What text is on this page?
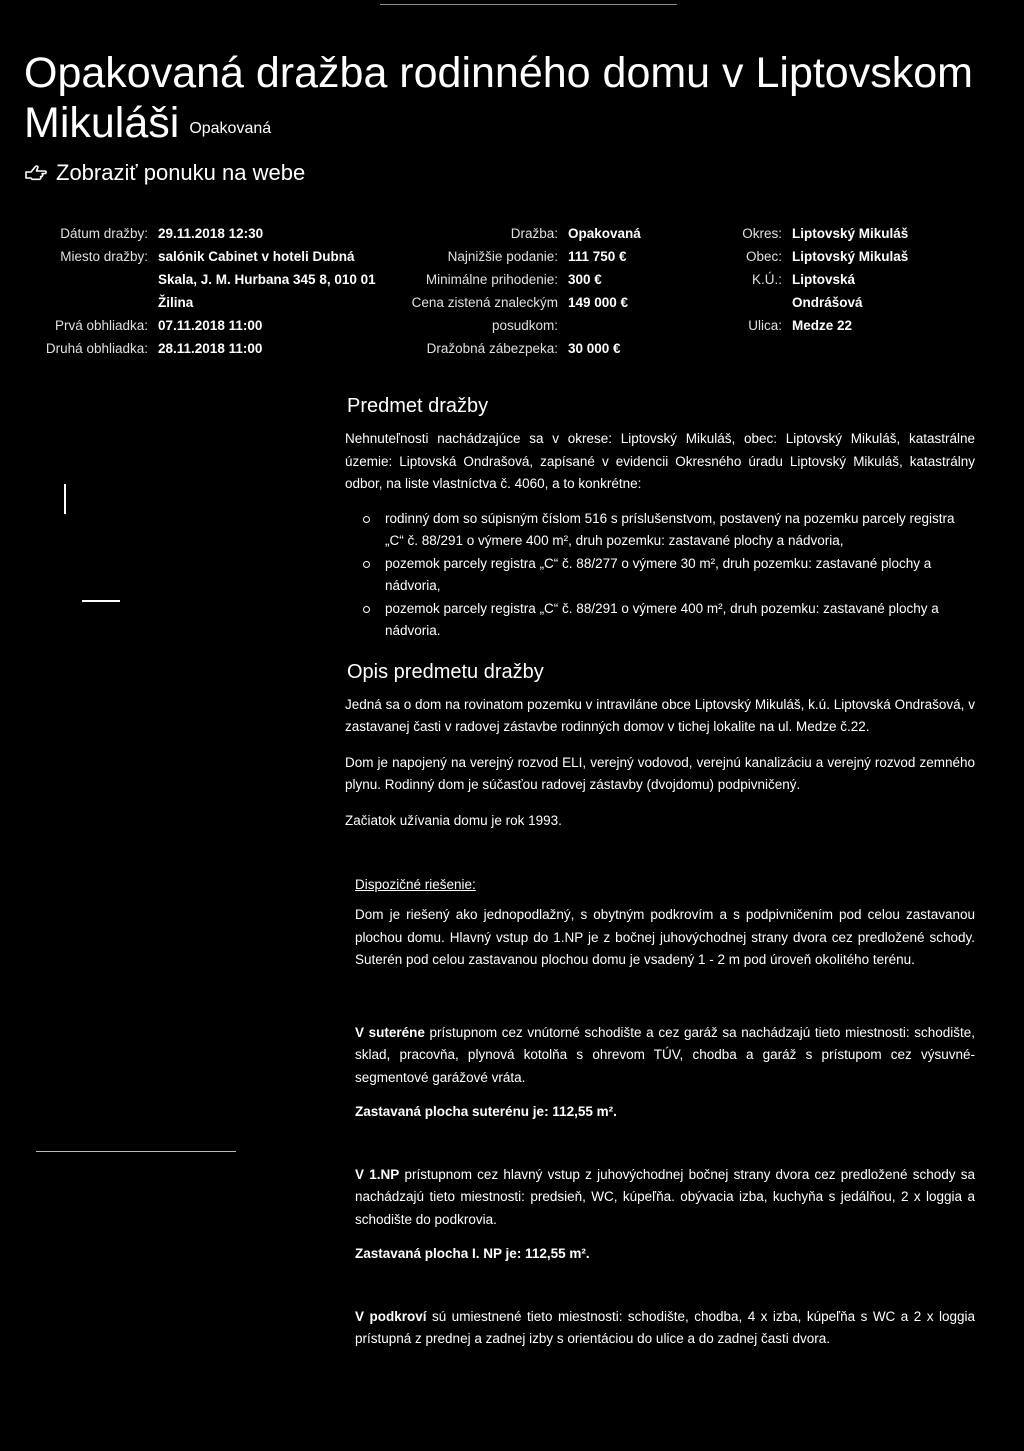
Opakovaná dražba rodinného domu v Liptovskom Mikuláši Opakovaná
Zobraziť ponuku na webe
Dátum dražby: 29.11.2018 12:30
Miesto dražby: salónik Cabinet v hoteli Dubná Skala, J. M. Hurbana 345 8, 010 01 Žilina
Prvá obhliadka: 07.11.2018 11:00
Druhá obhliadka: 28.11.2018 11:00
Dražba: Opakovaná
Najnižšie podanie: 111 750 €
Minimálne prihodenie: 300 €
Cena zistená znaleckým posudkom:
149 000 €
Dražobná zábezpeka: 30 000 €
Okres: Liptovský Mikuláš
Obec: Liptovský Mikulaš
K.Ú.: Liptovská Ondrášová
Ulica: Medze 22
Predmet dražby

Nehnuteľnosti nachádzajúce sa v okrese: Liptovský Mikuláš, obec: Liptovský Mikuláš, katastrálne územie: Liptovská Ondrašová, zapísané v evidencii Okresného úradu Liptovský Mikuláš, katastrálny odbor, na liste vlastníctva č. 4060, a to konkrétne:

rodinný dom so súpisným číslom 516 s príslušenstvom, postavený na pozemku parcely registra „C“ č. 88/291 o výmere 400 m², druh pozemku: zastavané plochy a nádvoria,
pozemok parcely registra „C“ č. 88/277 o výmere 30 m², druh pozemku: zastavané plochy a nádvoria,
pozemok parcely registra „C“ č. 88/291 o výmere 400 m², druh pozemku: zastavané plochy a nádvoria.
Opis predmetu dražby

Jedná sa o dom na rovinatom pozemku v intraviláne obce Liptovský Mikuláš, k.ú. Liptovská Ondrašová, v zastavanej časti v radovej zástavbe rodinných domov v tichej lokalite na ul. Medze č.22.

Dom je napojený na verejný rozvod ELI, verejný vodovod, verejnú kanalizáciu a verejný rozvod zemného plynu. Rodinný dom je súčasťou radovej zástavby (dvojdomu) podpivničený.

Začiatok užívania domu je rok 1993.

Dispozičné riešenie:

Dom je riešený ako jednopodlažný, s obytným podkrovím a s podpivničením pod celou zastavanou plochou domu. Hlavný vstup do 1.NP je z bočnej juhovýchodnej strany dvora cez predložené schody. Suterén pod celou zastavanou plochou domu je vsadený 1 - 2 m pod úroveň okolitého terénu.

V suteréne prístupnom cez vnútorné schodište a cez garáž sa nachádzajú tieto miestnosti: schodište, sklad, pracovňa, plynová kotolňa s ohrevom TÚV, chodba a garáž s prístupom cez výsuvné-segmentové garážové vráta.

Zastavaná plocha suterénu je: 112,55 m².

V 1.NP prístupnom cez hlavný vstup z juhovýchodnej bočnej strany dvora cez predložené schody sa nachádzajú tieto miestnosti: predsieň, WC, kúpeľňa. obývacia izba, kuchyňa s jedálňou, 2 x loggia a schodište do podkrovia.

Zastavaná plocha I. NP je: 112,55 m².

V podkroví sú umiestnené tieto miestnosti: schodište, chodba, 4 x izba, kúpeľňa s WC a 2 x loggia prístupná z prednej a zadnej izby s orientáciou do ulice a do zadnej časti dvora.
